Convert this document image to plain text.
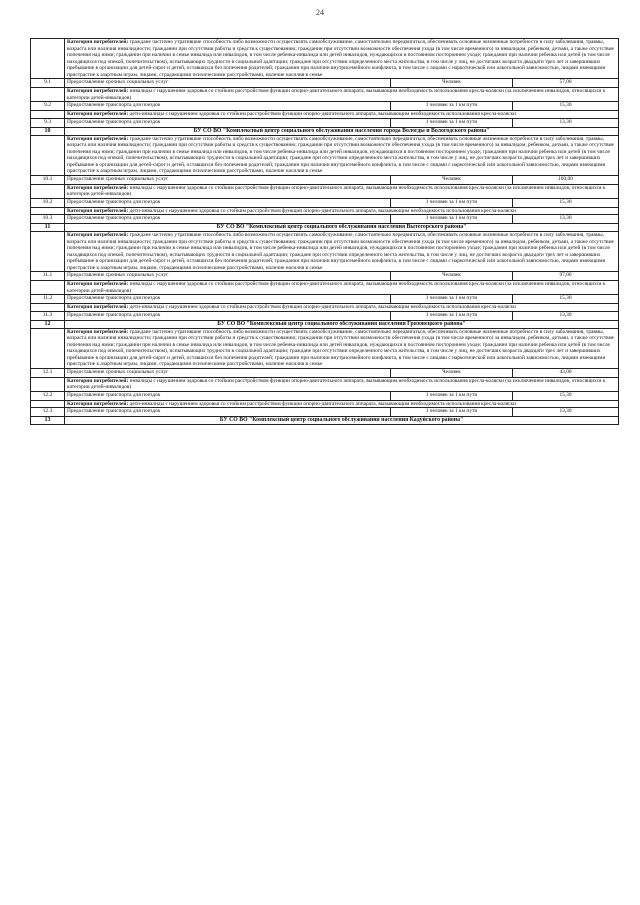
24
	Категория потребителей: гражданe частично утратившие способность либо возможности осуществлять самообслуживание, самостоятельно передвигаться, обеспечивать основные жизненные потребности в силу заболевания, травмы, возраста или наличия инвалидности; гражданин при отсутствии работы и средств к существованию; гражданин при отсутствии возможности обеспечения ухода (в том числе временного) за инвалидом, ребенком, детьми, а также отсутствие попечения над ними; гражданин при наличии в семье инвалида или инвалидов, в том числе ребенка-инвалида или детей инвалидов, нуждающихся в постоянном постороннем уходе; гражданин при наличии ребенка или детей (в том числе находящихся под опекой, попечительством), испытывающих трудности в социальной адаптации; гражданe при отсутствии определенного места жительства, в том числе у лиц, не достигших возраста двадцати трех лет и завершивших пребывание в организации для детей-сирот и детей, оставшихся без попечения родителей; гражданин при наличии внутрисемейного конфликта, в том числе с лицами с наркотической или алкогольной зависимостью, лицами имеющими пристрастие к азартным играм, лицами, страдающими психическими расстройствами, наличие насилия в семье		
9.1	Предоставление срочных социальных услуг	Человек	57,00
	Категория потребителей: инвалиды с нарушением здоровья со стойким расстройством функции опорно-двигательного аппарата, вызывающим необходимость использования кресла-коляски (за исключением инвалидов, относящихся к категории детей-инвалидов)		
9.2	Предоставление транспорта для поездок	1 человек за 1 км пути	15,30
	Категория потребителей: дети-инвалиды с нарушением здоровья со стойким расстройством функции опорно-двигательного аппарата, вызывающим необходимость использования кресла-коляски		
9.3	Предоставление транспорта для поездок	1 человек за 1 км пути	13,30
10	БУ СО ВО "Комплексный центр социального обслуживания населения города Вологды и Вологодского района"		
	Категория потребителей: гражданe частично утратившие способность либо возможности осуществлять самообслуживание, самостоятельно передвигаться, обеспечивать основные жизненные потребности в силу заболевания, травмы, возраста или наличия инвалидности; гражданин при отсутствии работы и средств к существованию; гражданин при отсутствии возможности обеспечения ухода (в том числе временного) за инвалидом, ребенком, детьми, а также отсутствие попечения над ними; гражданин при наличии в семье инвалида или инвалидов, в том числе ребенка-инвалида или детей инвалидов, нуждающихся в постоянном постороннем уходе; гражданин при наличии ребенка или детей (в том числе находящихся под опекой, попечительством), испытывающих трудности в социальной адаптации; гражданe при отсутствии определенного места жительства, в том числе у лиц, не достигших возраста двадцати трех лет и завершивших пребывание в организации для детей-сирот и детей, оставшихся без попечения родителей; гражданин при наличии внутрисемейного конфликта, в том числе с лицами с наркотической или алкогольной зависимостью, лицами имеющими пристрастие к азартным играм, лицами, страдающими психическими расстройствами, наличие насилия в семье		
10.1	Предоставление срочных социальных услуг	Человек	100,00
	Категория потребителей: инвалиды с нарушением здоровья со стойким расстройством функции опорно-двигательного аппарата, вызывающим необходимость использования кресла-коляски (за исключением инвалидов, относящихся к категории детей-инвалидов)		
10.2	Предоставление транспорта для поездок	1 человек за 1 км пути	15,30
	Категория потребителей: дети-инвалиды с нарушением здоровья со стойким расстройством функции опорно-двигательного аппарата, вызывающим необходимость использования кресла-коляски		
10.3	Предоставление транспорта для поездок	1 человек за 1 км пути	13,30
11	БУ СО ВО "Комплексный центр социального обслуживания населения Вытегорского района"		
	Категория потребителей: гражданe частично утратившие способность либо возможности осуществлять самообслуживание, самостоятельно передвигаться, обеспечивать основные жизненные потребности в силу заболевания, травмы, возраста или наличия инвалидности; гражданин при отсутствии работы и средств к существованию; гражданин при отсутствии возможности обеспечения ухода (в том числе временного) за инвалидом, ребенком, детьми, а также отсутствие попечения над ними; гражданин при наличии в семье инвалида или инвалидов, в том числе ребенка-инвалида или детей инвалидов, нуждающихся в постоянном постороннем уходе; гражданин при наличии ребенка или детей (в том числе находящихся под опекой, попечительством), испытывающих трудности в социальной адаптации; гражданe при отсутствии определенного места жительства, в том числе у лиц, не достигших возраста двадцати трех лет и завершивших пребывание в организации для детей-сирот и детей, оставшихся без попечения родителей; гражданин при наличии внутрисемейного конфликта, в том числе с лицами с наркотической или алкогольной зависимостью, лицами имеющими пристрастие к азартным играм, лицами, страдающими психическими расстройствами, наличие насилия в семье		
11.1	Предоставление срочных социальных услуг	Человек	97,00
	Категория потребителей: инвалиды с нарушением здоровья со стойким расстройством функции опорно-двигательного аппарата, вызывающим необходимость использования кресла-коляски (за исключением инвалидов, относящихся к категории детей-инвалидов)		
11.2	Предоставление транспорта для поездок	1 человек за 1 км пути	15,30
	Категория потребителей: дети-инвалиды с нарушением здоровья со стойким расстройством функции опорно-двигательного аппарата, вызывающим необходимость использования кресла-коляски		
11.3	Предоставление транспорта для поездок	1 человек за 1 км пути	13,30
12	БУ СО ВО "Комплексный центр социального обслуживания населения Грязовецкого района"		
	Категория потребителей: гражданe частично утратившие способность либо возможности осуществлять самообслуживание, самостоятельно передвигаться, обеспечивать основные жизненные потребности в силу заболевания, травмы, возраста или наличия инвалидности; гражданин при отсутствии работы и средств к существованию; гражданин при отсутствии возможности обеспечения ухода (в том числе временного) за инвалидом, ребенком, детьми, а также отсутствие попечения над ними; гражданин при наличии в семье инвалида или инвалидов, в том числе ребенка-инвалида или детей инвалидов, нуждающихся в постоянном постороннем уходе; гражданин при наличии ребенка или детей (в том числе находящихся под опекой, попечительством), испытывающих трудности в социальной адаптации; гражданe при отсутствии определенного места жительства, в том числе у лиц, не достигших возраста двадцати трех лет и завершивших пребывание в организации для детей-сирот и детей, оставшихся без попечения родителей; гражданин при наличии внутрисемейного конфликта, в том числе с лицами с наркотической или алкогольной зависимостью, лицами имеющими пристрастие к азартным играм, лицами, страдающими психическими расстройствами, наличие насилия в семье		
12.1	Предоставление срочных социальных услуг	Человек	43,00
	Категория потребителей: инвалиды с нарушением здоровья со стойким расстройством функции опорно-двигательного аппарата, вызывающим необходимость использования кресла-коляски (за исключением инвалидов, относящихся к категории детей-инвалидов)		
12.2	Предоставление транспорта для поездок	1 человек за 1 км пути	15,30
	Категория потребителей: дети-инвалиды с нарушением здоровья со стойким расстройством функции опорно-двигательного аппарата, вызывающим необходимость использования кресла-коляски		
12.3	Предоставление транспорта для поездок	1 человек за 1 км пути	13,30
13	БУ СО ВО "Комплексный центр социального обслуживания населения Кадуйского района"		
